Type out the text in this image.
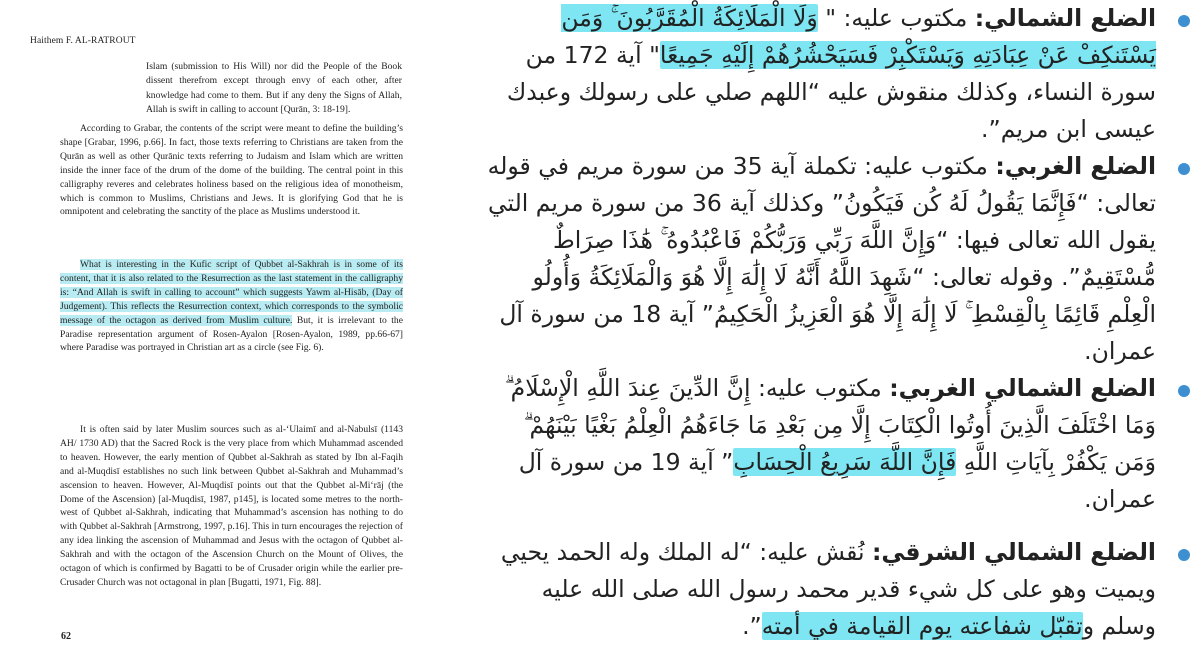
Haithem F. AL-RATROUT
Islam (submission to His Will) nor did the People of the Book dissent therefrom except through envy of each other, after knowledge had come to them. But if any deny the Signs of Allah, Allah is swift in calling to account [Qurān, 3: 18-19].
According to Grabar, the contents of the script were meant to define the building’s shape [Grabar, 1996, p.66]. In fact, those texts referring to Christians are taken from the Qurān as well as other Qurānic texts referring to Judaism and Islam which are written inside the inner face of the drum of the dome of the building. The central point in this calligraphy reveres and celebrates holiness based on the religious idea of monotheism, which is common to Muslims, Christians and Jews. It is glorifying God that he is omnipotent and celebrating the sanctity of the place as Muslims understood it.
What is interesting in the Kufic script of Qubbet al-Sakhrah is in some of its content, that it is also related to the Resurrection as the last statement in the calligraphy is: “And Allah is swift in calling to account” which suggests Yawm al-Hisāb, (Day of Judgement). This reflects the Resurrection context, which corresponds to the symbolic message of the octagon as derived from Muslim culture. But, it is irrelevant to the Paradise representation argument of Rosen-Ayalon [Rosen-Ayalon, 1989, pp.66-67] where Paradise was portrayed in Christian art as a circle (see Fig. 6).
It is often said by later Muslim sources such as al-‘Ulaimī and al-Nabulsī (1143 AH/ 1730 AD) that the Sacred Rock is the very place from which Muhammad ascended to heaven. However, the early mention of Qubbet al-Sakhrah as stated by Ibn al-Faqih and al-Muqdisī establishes no such link between Qubbet al-Sakhrah and Muhammad’s ascension to heaven. However, Al-Muqdisī points out that the Qubbet al-Mi‘rāj (the Dome of the Ascension) [al-Muqdisī, 1987, p145], is located some metres to the north-west of Qubbet al-Sakhrah, indicating that Muhammad’s ascension has nothing to do with Qubbet al-Sakhrah [Armstrong, 1997, p.16]. This in turn encourages the rejection of any idea linking the ascension of Muhammad and Jesus with the octagon of Qubbet al-Sakhrah and with the octagon of the Ascension Church on the Mount of Olives, the octagon of which is confirmed by Bagatti to be of Crusader origin while the earlier pre-Crusader Church was not octagonal in plan [Bugatti, 1971, Fig. 88].
62

الضلع الشمالي: مكتوب عليه: " وَلَا الْمَلَائِكَةُ الْمُقَرَّبُونَ ۚ وَمَن يَسْتَنكِفْ عَنْ عِبَادَتِهِ وَيَسْتَكْبِرْ فَسَيَحْشُرُهُمْ إِلَيْهِ جَمِيعًا" آية 172 من سورة النساء، وكذلك منقوش عليه “اللهم صلي على رسولك وعبدك عيسى ابن مريم”.

الضلع الغربي: مكتوب عليه: تكملة آية 35 من سورة مريم في قوله تعالى: “فَإِنَّمَا يَقُولُ لَهُ كُن فَيَكُونُ” وكذلك آية 36 من سورة مريم التي يقول الله تعالى فيها: “وَإِنَّ اللَّهَ رَبِّي وَرَبُّكُمْ فَاعْبُدُوهُ ۚ هَٰذَا صِرَاطٌ مُّسْتَقِيمٌ”. وقوله تعالى: “شَهِدَ اللَّهُ أَنَّهُ لَا إِلَٰهَ إِلَّا هُوَ وَالْمَلَائِكَةُ وَأُولُو الْعِلْمِ قَائِمًا بِالْقِسْطِ ۚ لَا إِلَٰهَ إِلَّا هُوَ الْعَزِيزُ الْحَكِيمُ” آية 18 من سورة آل عمران.

الضلع الشمالي الغربي: مكتوب عليه: إِنَّ الدِّينَ عِندَ اللَّهِ الْإِسْلَامُ ۗ وَمَا اخْتَلَفَ الَّذِينَ أُوتُوا الْكِتَابَ إِلَّا مِن بَعْدِ مَا جَاءَهُمُ الْعِلْمُ بَغْيًا بَيْنَهُمْ ۗ وَمَن يَكْفُرْ بِآيَاتِ اللَّهِ فَإِنَّ اللَّهَ سَرِيعُ الْحِسَابِ” آية 19 من سورة آل عمران.

الضلع الشمالي الشرقي: نُقش عليه: “له الملك وله الحمد يحيي ويميت وهو على كل شيء قدير محمد رسول الله صلى الله عليه وسلم وتقبّل شفاعته يوم القيامة في أمته”.
